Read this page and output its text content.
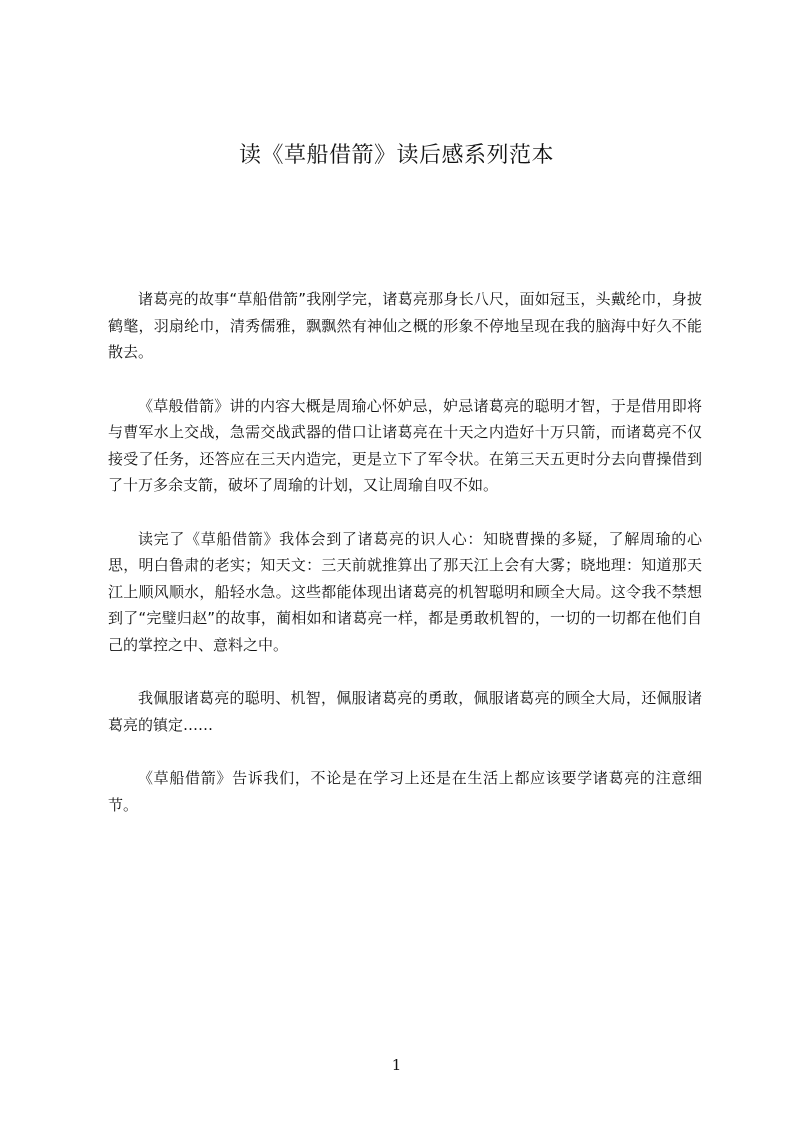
读《草船借箭》读后感系列范本

诸葛亮的故事“草船借箭”我刚学完，诸葛亮那身长八尺，面如冠玉，头戴纶巾，身披鹤氅，羽扇纶巾，清秀儒雅，飘飘然有神仙之概的形象不停地呈现在我的脑海中好久不能散去。

《草般借箭》讲的内容大概是周瑜心怀妒忌，妒忌诸葛亮的聪明才智，于是借用即将与曹军水上交战，急需交战武器的借口让诸葛亮在十天之内造好十万只箭，而诸葛亮不仅接受了任务，还答应在三天内造完，更是立下了军令状。在第三天五更时分去向曹操借到了十万多余支箭，破坏了周瑜的计划，又让周瑜自叹不如。

读完了《草船借箭》我体会到了诸葛亮的识人心：知晓曹操的多疑，了解周瑜的心思，明白鲁肃的老实；知天文：三天前就推算出了那天江上会有大雾；晓地理：知道那天江上顺风顺水，船轻水急。这些都能体现出诸葛亮的机智聪明和顾全大局。这令我不禁想到了“完璧归赵”的故事，蔺相如和诸葛亮一样，都是勇敢机智的，一切的一切都在他们自己的掌控之中、意料之中。

我佩服诸葛亮的聪明、机智，佩服诸葛亮的勇敢，佩服诸葛亮的顾全大局，还佩服诸葛亮的镇定……

《草船借箭》告诉我们，不论是在学习上还是在生活上都应该要学诸葛亮的注意细节。

1
